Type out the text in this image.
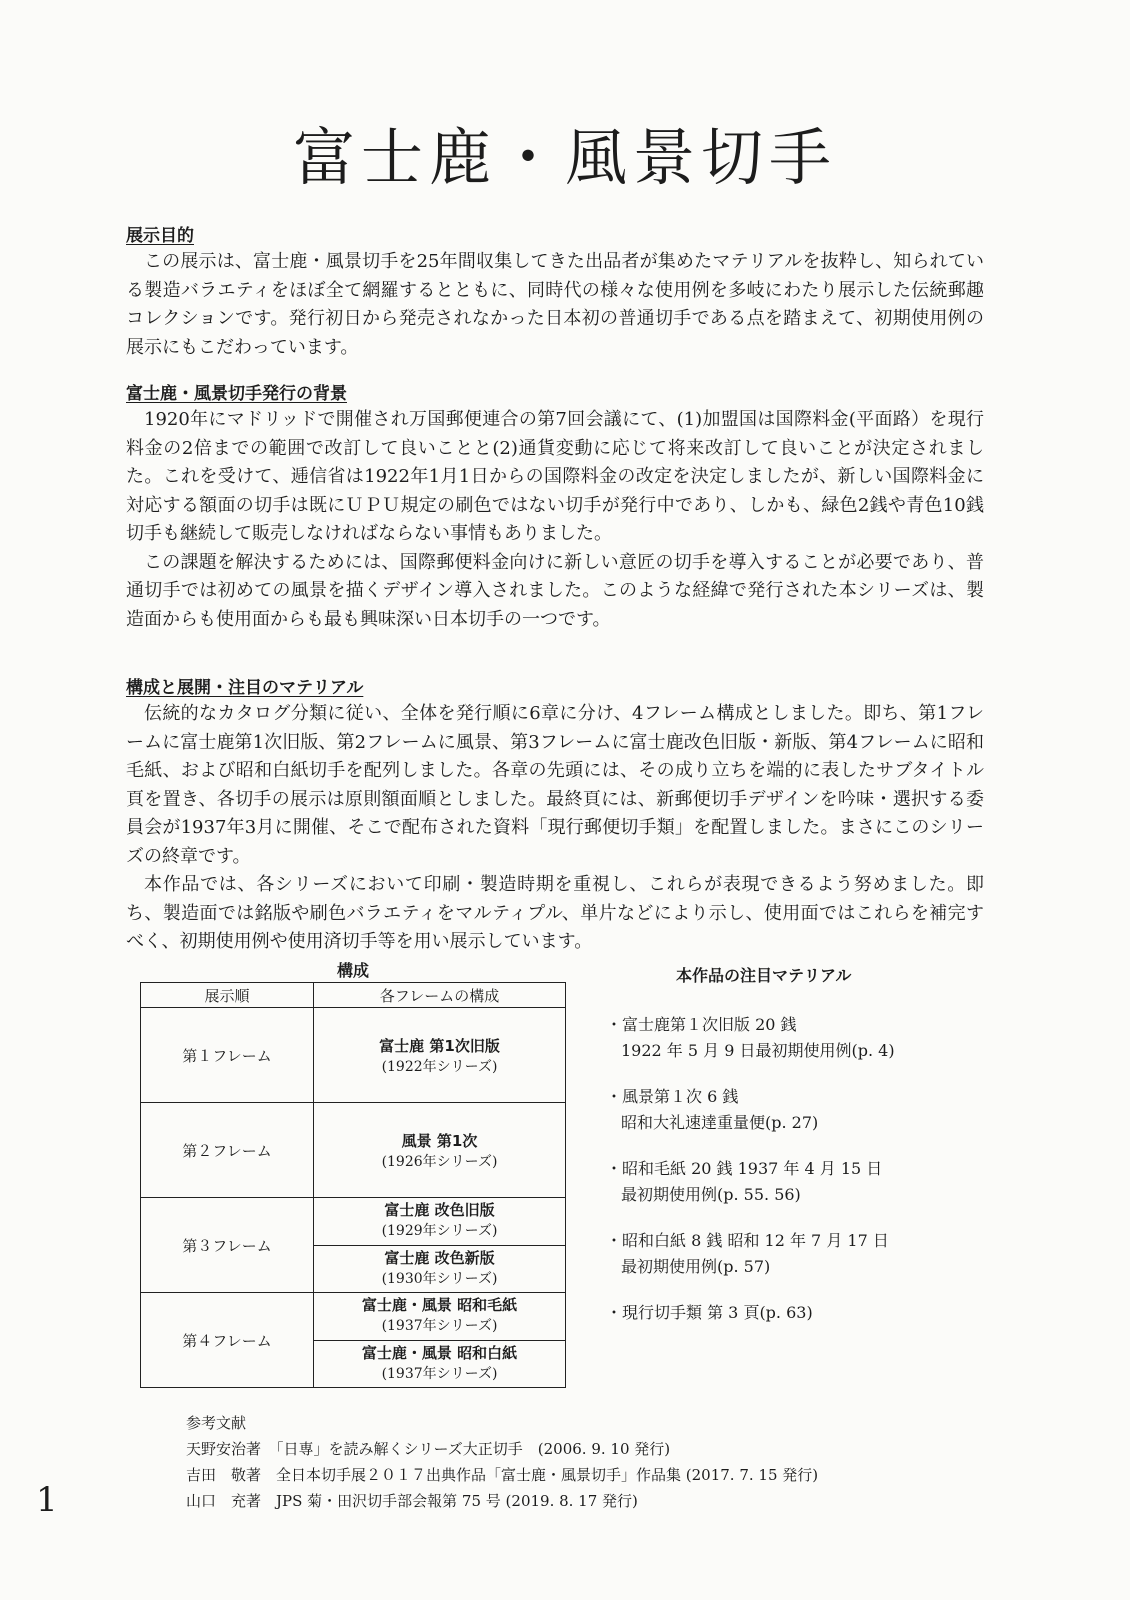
富士鹿・風景切手
展示目的

この展示は、富士鹿・風景切手を25年間収集してきた出品者が集めたマテリアルを抜粋し、知られている製造バラエティをほぼ全て網羅するとともに、同時代の様々な使用例を多岐にわたり展示した伝統郵趣コレクションです。発行初日から発売されなかった日本初の普通切手である点を踏まえて、初期使用例の展示にもこだわっています。

富士鹿・風景切手発行の背景

1920年にマドリッドで開催され万国郵便連合の第7回会議にて、(1)加盟国は国際料金(平面路）を現行料金の2倍までの範囲で改訂して良いことと(2)通貨変動に応じて将来改訂して良いことが決定されました。これを受けて、逓信省は1922年1月1日からの国際料金の改定を決定しましたが、新しい国際料金に対応する額面の切手は既にＵＰＵ規定の刷色ではない切手が発行中であり、しかも、緑色2銭や青色10銭切手も継続して販売しなければならない事情もありました。

この課題を解決するためには、国際郵便料金向けに新しい意匠の切手を導入することが必要であり、普通切手では初めての風景を描くデザイン導入されました。このような経緯で発行された本シリーズは、製造面からも使用面からも最も興味深い日本切手の一つです。

構成と展開・注目のマテリアル

伝統的なカタログ分類に従い、全体を発行順に6章に分け、4フレーム構成としました。即ち、第1フレームに富士鹿第1次旧版、第2フレームに風景、第3フレームに富士鹿改色旧版・新版、第4フレームに昭和毛紙、および昭和白紙切手を配列しました。各章の先頭には、その成り立ちを端的に表したサブタイトル頁を置き、各切手の展示は原則額面順としました。最終頁には、新郵便切手デザインを吟味・選択する委員会が1937年3月に開催、そこで配布された資料「現行郵便切手類」を配置しました。まさにこのシリーズの終章です。

本作品では、各シリーズにおいて印刷・製造時期を重視し、これらが表現できるよう努めました。即ち、製造面では銘版や刷色バラエティをマルティプル、単片などにより示し、使用面ではこれらを補完すべく、初期使用例や使用済切手等を用い展示しています。

構成
展示順	各フレームの構成
第１フレーム	富士鹿 第1次旧版
(1922年シリーズ)

第２フレーム	風景 第1次
(1926年シリーズ)

第３フレーム	富士鹿 改色旧版
(1929年シリーズ)

	富士鹿 改色新版
(1930年シリーズ)

第４フレーム	富士鹿・風景 昭和毛紙
(1937年シリーズ)

	富士鹿・風景 昭和白紙
(1937年シリーズ)
本作品の注目マテリアル
・富士鹿第１次旧版 20 銭
1922 年 5 月 9 日最初期使用例(p. 4)
・風景第１次 6 銭
昭和大礼速達重量便(p. 27)
・昭和毛紙 20 銭 1937 年 4 月 15 日
最初期使用例(p. 55. 56)
・昭和白紙 8 銭 昭和 12 年 7 月 17 日
最初期使用例(p. 57)
・現行切手類 第 3 頁(p. 63)
参考文献
天野安治著　「日専」を読み解くシリーズ大正切手　(2006. 9. 10 発行)
吉田　敬著　全日本切手展２０１７出典作品「富士鹿・風景切手」作品集 (2017. 7. 15 発行)
山口　充著　JPS 菊・田沢切手部会報第 75 号 (2019. 8. 17 発行)
1
